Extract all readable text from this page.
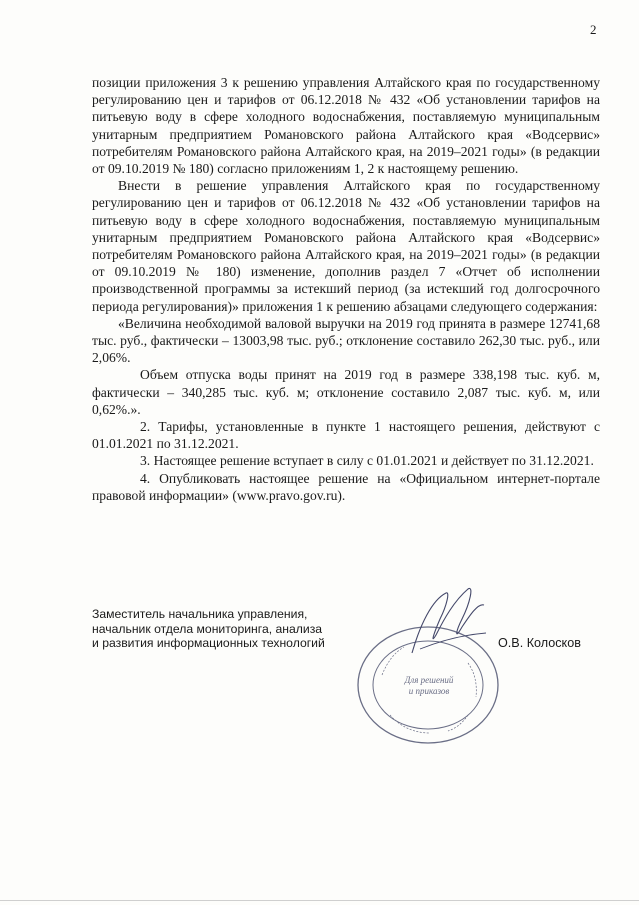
2

позиции приложения 3 к решению управления Алтайского края по государственному регулированию цен и тарифов от 06.12.2018 № 432 «Об установлении тарифов на питьевую воду в сфере холодного водоснабжения, поставляемую муниципальным унитарным предприятием Романовского района Алтайского края «Водсервис» потребителям Романовского района Алтайского края, на 2019–2021 годы» (в редакции от 09.10.2019 № 180) согласно приложениям 1, 2 к настоящему решению.

Внести в решение управления Алтайского края по государственному регулированию цен и тарифов от 06.12.2018 № 432 «Об установлении тарифов на питьевую воду в сфере холодного водоснабжения, поставляемую муниципальным унитарным предприятием Романовского района Алтайского края «Водсервис» потребителям Романовского района Алтайского края, на 2019–2021 годы» (в редакции от 09.10.2019 № 180) изменение, дополнив раздел 7 «Отчет об исполнении производственной программы за истекший период (за истекший год долгосрочного периода регулирования)» приложения 1 к решению абзацами следующего содержания:

«Величина необходимой валовой выручки на 2019 год принята в размере 12741,68 тыс. руб., фактически – 13003,98 тыс. руб.; отклонение составило 262,30 тыс. руб., или 2,06%.

Объем отпуска воды принят на 2019 год в размере 338,198 тыс. куб. м, фактически – 340,285 тыс. куб. м; отклонение составило 2,087 тыс. куб. м, или 0,62%.».

2. Тарифы, установленные в пункте 1 настоящего решения, действуют с 01.01.2021 по 31.12.2021.

3. Настоящее решение вступает в силу с 01.01.2021 и действует по 31.12.2021.

4. Опубликовать настоящее решение на «Официальном интернет-портале правовой информации» (www.pravo.gov.ru).

Заместитель начальника управления,
начальник отдела мониторинга, анализа
и развития информационных технологий
Для решений
и приказов
О.В. Колосков
